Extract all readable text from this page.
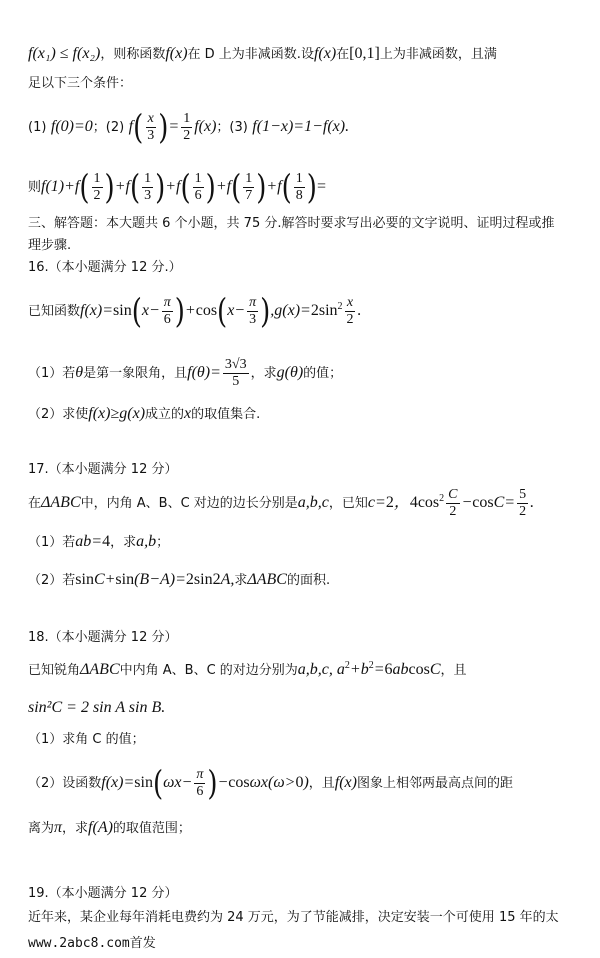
f(x₁) ≤ f(x₂)，则称函数f(x)在 D 上为非减函数.设f(x)在[0,1]上为非减函数，且满
足以下三个条件：
(1) f(0)=0；(2) $f( \frac{x}{3}$ )= $\frac{1}{2} f(x)$；(3) f(1−x)=1−f(x).
则$f(1)+f( \frac{1}{2} )+f( \frac{1}{3} )+f( \frac{1}{6} )+f( \frac{1}{7} )+f( \frac{1}{8}$ )=
三、解答题：本大题共 6 个小题，共 75 分.解答时要求写出必要的文字说明、证明过程或推
理步骤.
16.（本小题满分 12 分.）
已知函数$f(x)=\sin(x- \frac{\pi}{6} )+\cos(x- \frac{\pi}{3} ),g(x)=2\sin^2 \frac{x}{2}$ .
（1）若θ是第一象限角，且$f(\theta)= \frac{3√3}{5}$ ，求g(θ)的值；
（2）求使f(x)≥g(x)成立的x的取值集合.
17.（本小题满分 12 分）
在ΔABC中，内角 A、B、C 对边的边长分别是a,b,c，已知c=2，$4\cos^2 \frac{C}{2} -\cos C= \frac{5}{2}$ .
（1）若ab=4，求a,b；
（2）若sinC+sin(B−A)=2sin2A,求ΔABC的面积.
18.（本小题满分 12 分）
已知锐角ΔABC中内角 A、B、C 的对边分别为a,b,c, $a^2+b^2=6abcosC$，且
sin²C = 2 sin A sin B.
（1）求角 C 的值；
（2）设函数$f(x)=\sin(\omega x- \frac{\pi}{6} )-\cos\omega x(\omega>0)$，且f(x)图象上相邻两最高点间的距
离为π，求f(A)的取值范围；
19.（本小题满分 12 分）
近年来，某企业每年消耗电费约为 24 万元，为了节能减排，决定安装一个可使用 15 年的太
www.2abc8.com首发
